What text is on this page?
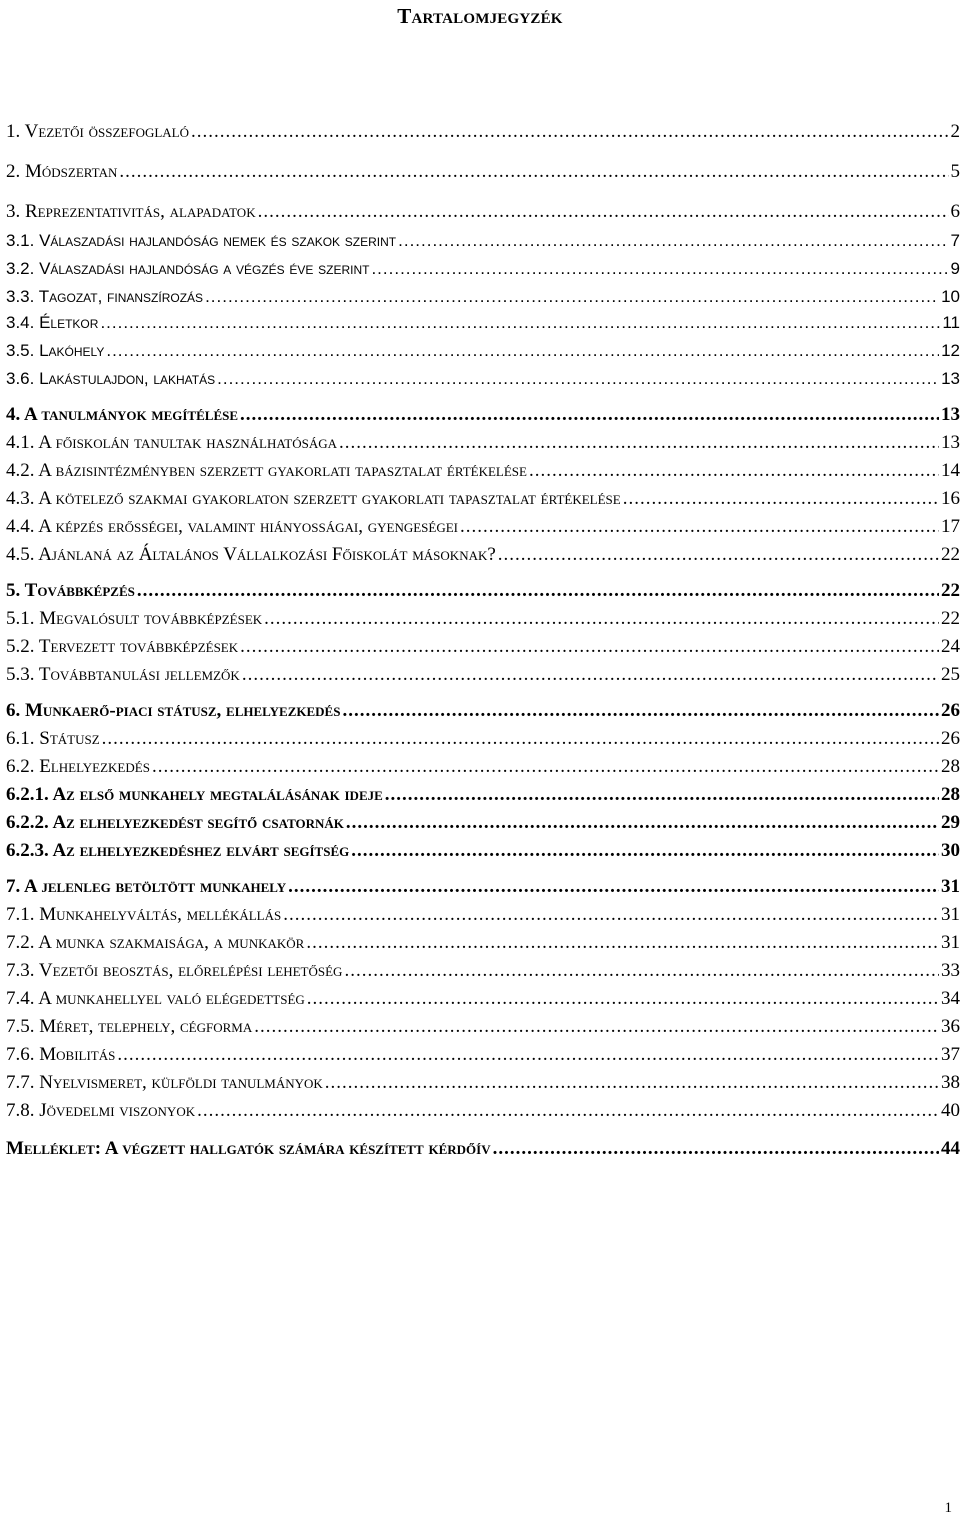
Tartalomjegyzék
1. Vezetői összefoglaló .....	2
2. Módszertan .....	5
3. Reprezentativitás, alapadatok .....	6
3.1. Válaszadási hajlandóság nemek és szakok szerint .....	7
3.2. Válaszadási hajlandóság a végzés éve szerint .....	9
3.3. Tagozat, finanszírozás .....	10
3.4. Életkor .....	11
3.5. Lakóhely .....	12
3.6. Lakástulajdon, lakhatás .....	13
4. A tanulmányok megítélése .....	13
4.1. A főiskolán tanultak használhatósága .....	13
4.2. A bázisintézményben szerzett gyakorlati tapasztalat értékelése .....	14
4.3. A kötelező szakmai gyakorlaton szerzett gyakorlati tapasztalat értékelése .....	16
4.4. A képzés erősségei, valamint hiányosságai, gyengeségei .....	17
4.5. Ajánlaná az Általános Vállalkozási Főiskolát másoknak? .....	22
5. Továbbképzés .....	22
5.1. Megvalósult továbbképzések .....	22
5.2. Tervezett továbbképzések .....	24
5.3. Továbbtanulási jellemzők .....	25
6. Munkaerő-piaci státusz, elhelyezkedés .....	26
6.1. Státusz .....	26
6.2. Elhelyezkedés .....	28
6.2.1. Az első munkahely megtalálásának ideje .....	28
6.2.2. Az elhelyezkedést segítő csatornák .....	29
6.2.3. Az elhelyezkedéshez elvárt segítség .....	30
7. A jelenleg betöltött munkahely .....	31
7.1. Munkahelyváltás, mellékállás .....	31
7.2. A munka szakmaisága, a munkakör .....	31
7.3. Vezetői beosztás, előrelépési lehetőség .....	33
7.4. A munkahellyel való elégedettség .....	34
7.5. Méret, telephely, cégforma .....	36
7.6. Mobilitás .....	37
7.7. Nyelvismeret, külföldi tanulmányok .....	38
7.8. Jövedelmi viszonyok .....	40
Melléklet: A végzett hallgatók számára készített kérdőív .....	44
1
